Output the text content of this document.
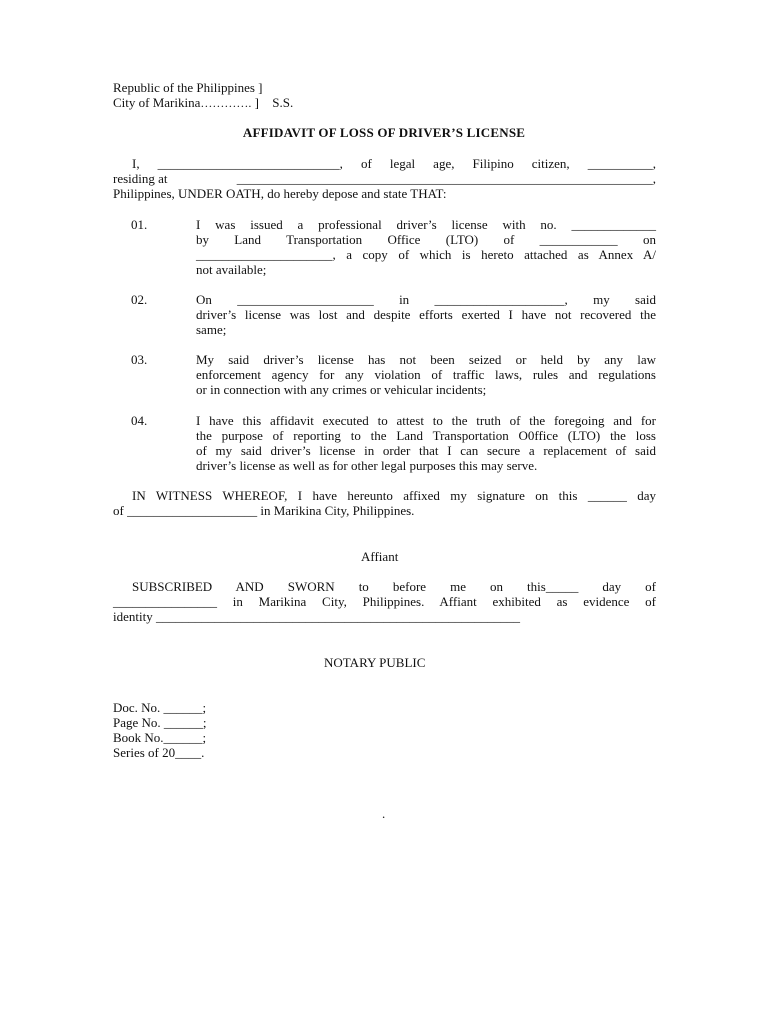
Republic of the Philippines ]
City of Marikina…………. ] S.S.
AFFIDAVIT OF LOSS OF DRIVER’S LICENSE
I, ____________________________, of legal age, Filipino citizen, __________,
residing at	________________________________________________________________,
Philippines, UNDER OATH, do hereby depose and state THAT:
01.	I was issued a professional driver’s license with no. _____________
by Land Transportation Office (LTO) of ____________ on
_____________________, a copy of which is hereto attached as Annex A/
not available;
02.	On _____________________ in ____________________, my said
driver’s license was lost and despite efforts exerted I have not recovered the
same;
03.	My said driver’s license has not been seized or held by any law
enforcement agency for any violation of traffic laws, rules and regulations
or in connection with any crimes or vehicular incidents;
04.	I have this affidavit executed to attest to the truth of the foregoing and for
the purpose of reporting to the Land Transportation O0ffice (LTO) the loss
of my said driver’s license in order that I can secure a replacement of said
driver’s license as well as for other legal purposes this may serve.
IN WITNESS WHEREOF, I have hereunto affixed my signature on this ______ day
of ____________________ in Marikina City, Philippines.
Affiant
SUBSCRIBED AND SWORN to before me on this_____ day of
________________ in Marikina City, Philippines. Affiant exhibited as evidence of
identity ________________________________________________________
NOTARY PUBLIC
Doc. No. ______;
Page No. ______;
Book No.______;
Series of 20____.
.
